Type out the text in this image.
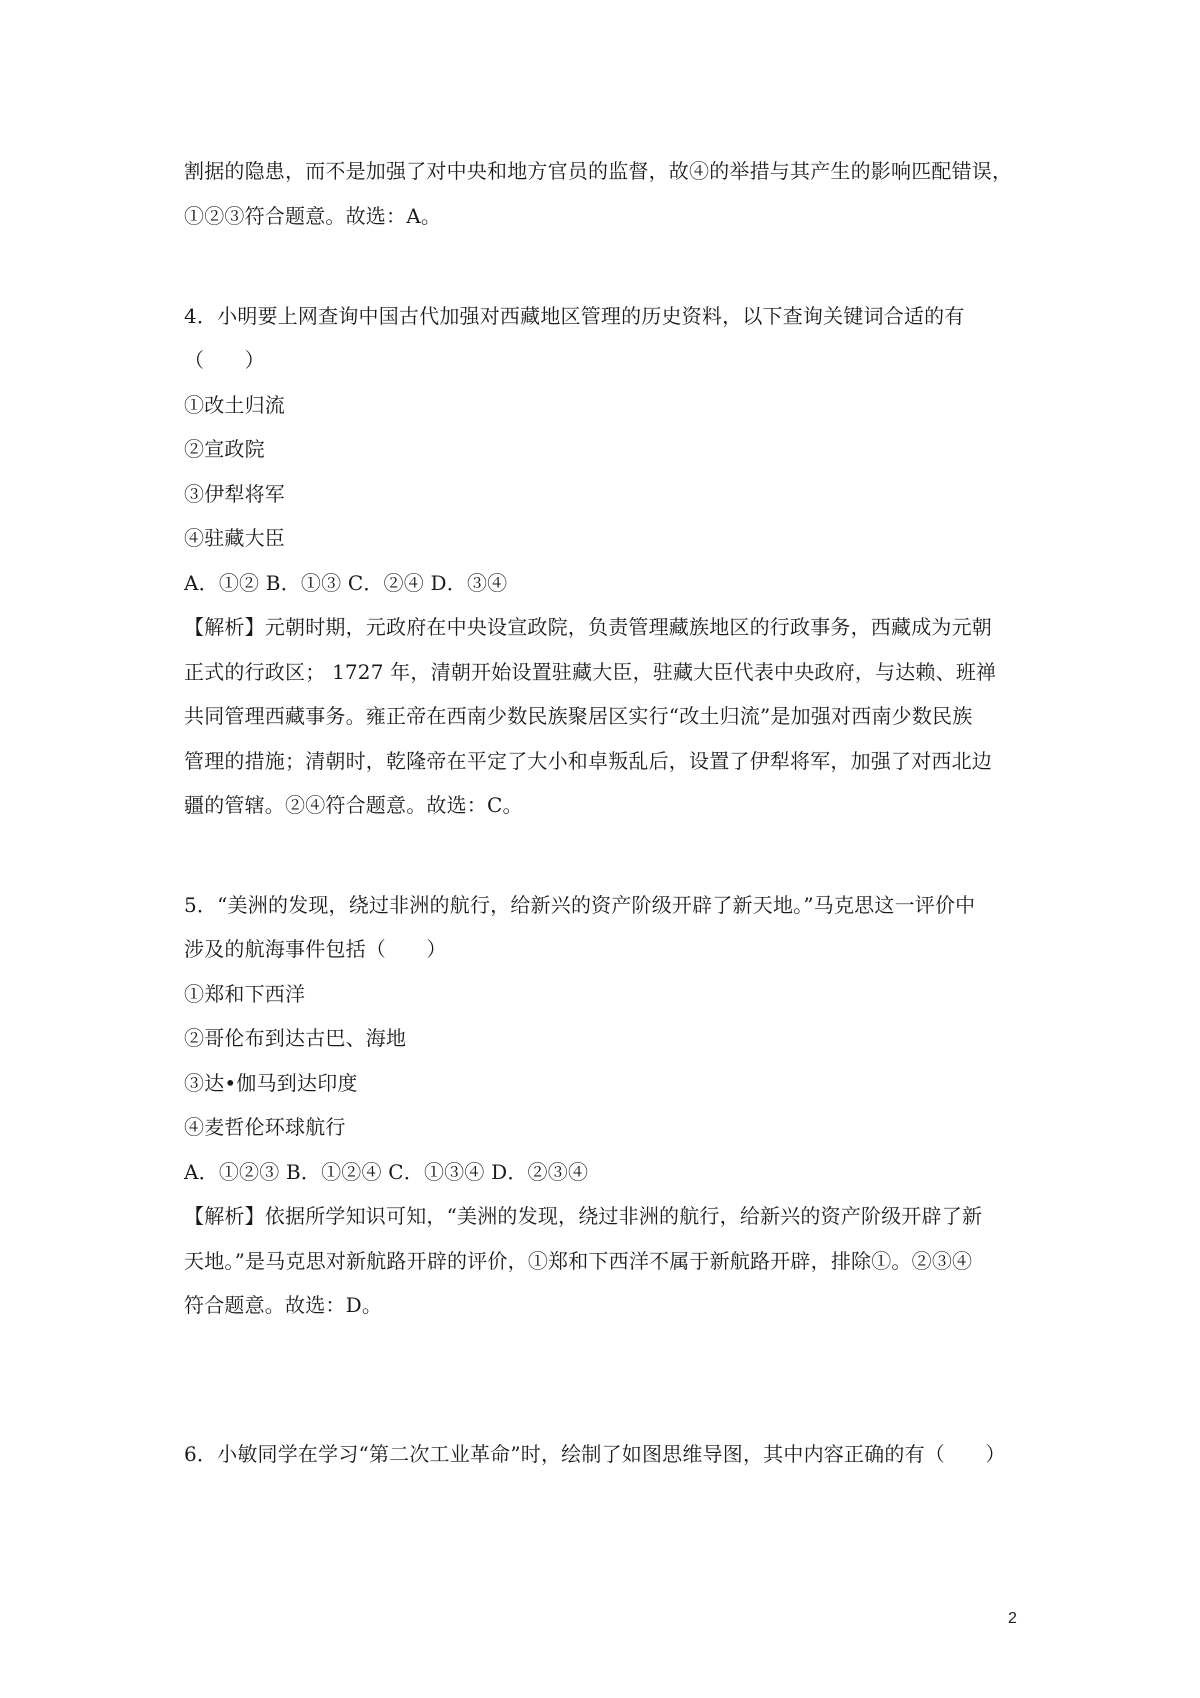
割据的隐患，而不是加强了对中央和地方官员的监督，故④的举措与其产生的影响匹配错误，
①②③符合题意。故选：A。
4．小明要上网查询中国古代加强对西藏地区管理的历史资料，以下查询关键词合适的有
（　　）
①改土归流
②宣政院
③伊犁将军
④驻藏大臣
A．①② B．①③ C．②④ D．③④
【解析】元朝时期，元政府在中央设宣政院，负责管理藏族地区的行政事务，西藏成为元朝
正式的行政区； 1727 年，清朝开始设置驻藏大臣，驻藏大臣代表中央政府，与达赖、班禅
共同管理西藏事务。雍正帝在西南少数民族聚居区实行“改土归流”是加强对西南少数民族
管理的措施；清朝时，乾隆帝在平定了大小和卓叛乱后，设置了伊犁将军，加强了对西北边
疆的管辖。②④符合题意。故选：C。
5．“美洲的发现，绕过非洲的航行，给新兴的资产阶级开辟了新天地。”马克思这一评价中
涉及的航海事件包括（　　）
①郑和下西洋
②哥伦布到达古巴、海地
③达•伽马到达印度
④麦哲伦环球航行
A．①②③ B．①②④ C．①③④ D．②③④
【解析】依据所学知识可知，“美洲的发现，绕过非洲的航行，给新兴的资产阶级开辟了新
天地。”是马克思对新航路开辟的评价，①郑和下西洋不属于新航路开辟，排除①。②③④
符合题意。故选：D。
6．小敏同学在学习“第二次工业革命”时，绘制了如图思维导图，其中内容正确的有（　　）
2
